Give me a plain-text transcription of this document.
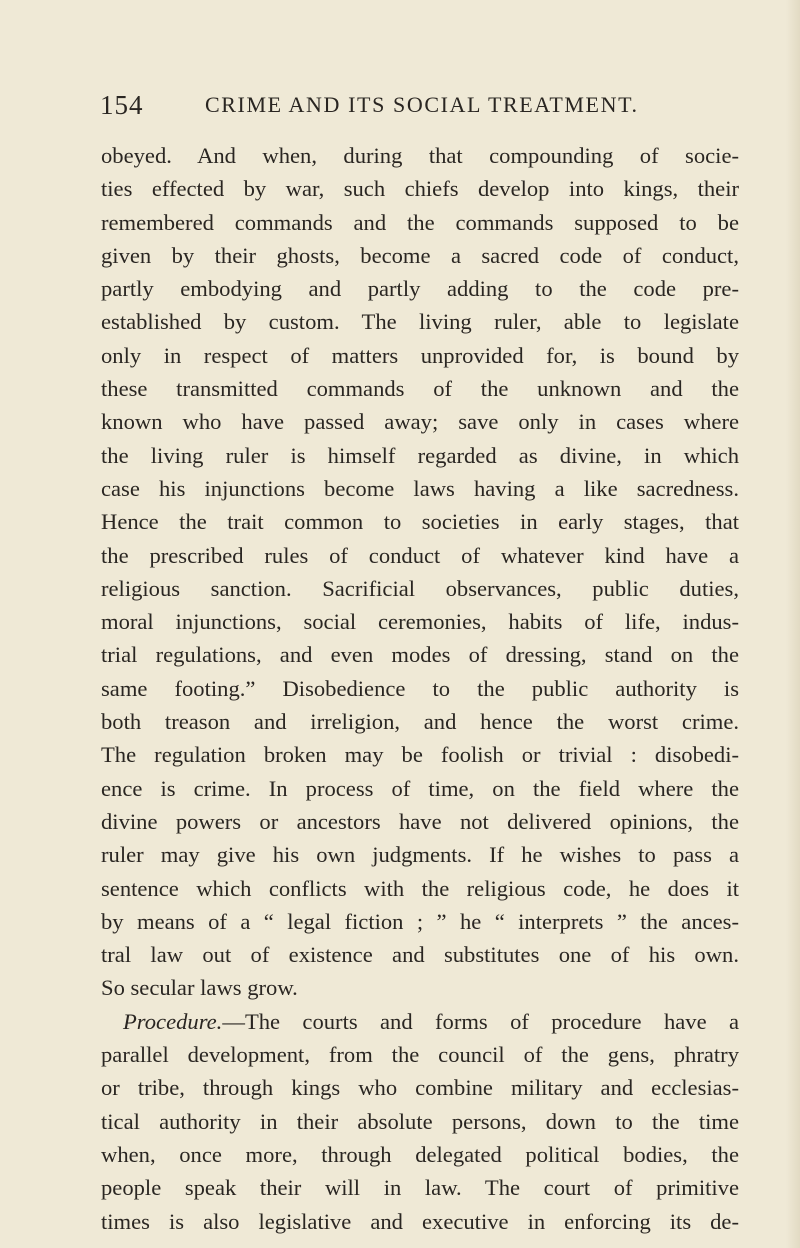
154	CRIME AND ITS SOCIAL TREATMENT.
obeyed. And when, during that compounding of socie-
ties effected by war, such chiefs develop into kings, their
remembered commands and the commands supposed to be
given by their ghosts, become a sacred code of conduct,
partly embodying and partly adding to the code pre-
established by custom. The living ruler, able to legislate
only in respect of matters unprovided for, is bound by
these transmitted commands of the unknown and the
known who have passed away; save only in cases where
the living ruler is himself regarded as divine, in which
case his injunctions become laws having a like sacredness.
Hence the trait common to societies in early stages, that
the prescribed rules of conduct of whatever kind have a
religious sanction. Sacrificial observances, public duties,
moral injunctions, social ceremonies, habits of life, indus-
trial regulations, and even modes of dressing, stand on the
same footing.” Disobedience to the public authority is
both treason and irreligion, and hence the worst crime.
The regulation broken may be foolish or trivial : disobedi-
ence is crime. In process of time, on the field where the
divine powers or ancestors have not delivered opinions, the
ruler may give his own judgments. If he wishes to pass a
sentence which conflicts with the religious code, he does it
by means of a “ legal fiction ; ” he “ interprets ” the ances-
tral law out of existence and substitutes one of his own.
So secular laws grow.
Procedure.—The courts and forms of procedure have a
parallel development, from the council of the gens, phratry
or tribe, through kings who combine military and ecclesias-
tical authority in their absolute persons, down to the time
when, once more, through delegated political bodies, the
people speak their will in law. The court of primitive
times is also legislative and executive in enforcing its de-
